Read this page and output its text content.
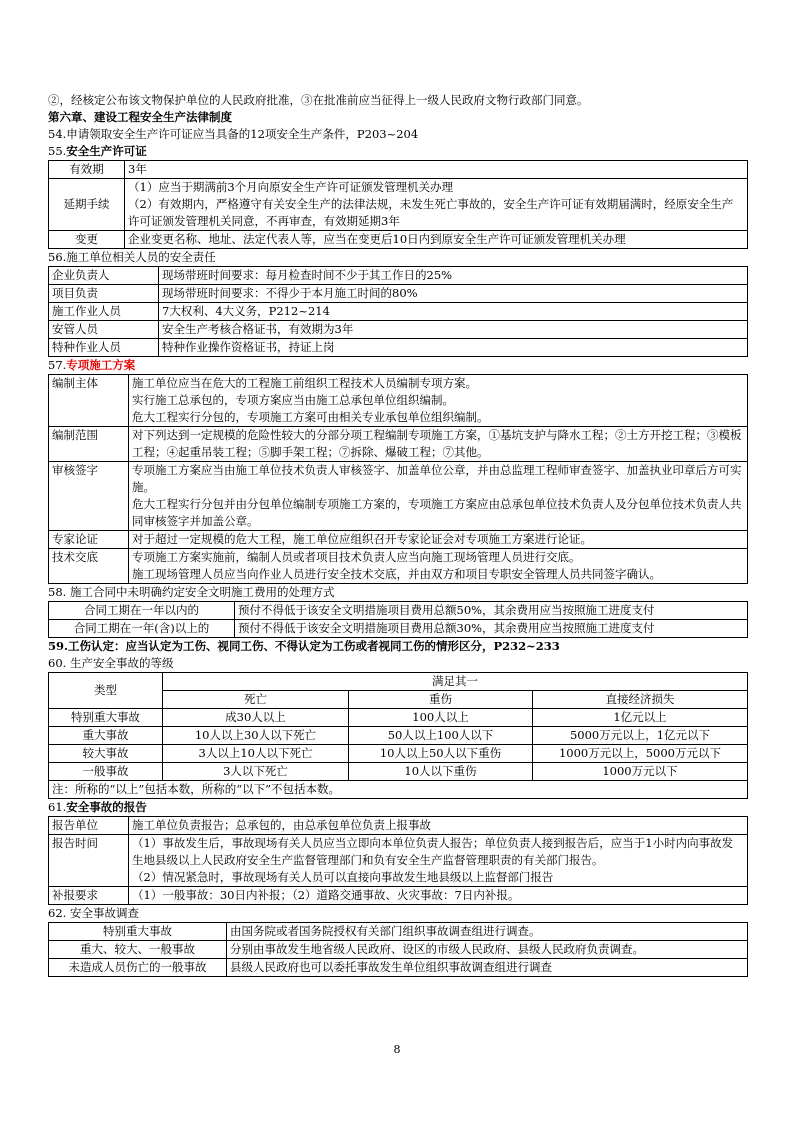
②，经核定公布该文物保护单位的人民政府批准，③在批准前应当征得上一级人民政府文物行政部门同意。
第六章、建设工程安全生产法律制度
54.申请领取安全生产许可证应当具备的12项安全生产条件，P203~204
55.安全生产许可证
有效期	3年
延期手续	（1）应当于期满前3个月向原安全生产许可证颁发管理机关办理
（2）有效期内，严格遵守有关安全生产的法律法规，未发生死亡事故的，安全生产许可证有效期届满时，经原安全生产许可证颁发管理机关同意，不再审查，有效期延期3年

变更	企业变更名称、地址、法定代表人等，应当在变更后10日内到原安全生产许可证颁发管理机关办理
56.施工单位相关人员的安全责任
企业负责人	现场带班时间要求：每月检查时间不少于其工作日的25%
项目负责	现场带班时间要求：不得少于本月施工时间的80%
施工作业人员	7大权利、4大义务，P212~214
安管人员	安全生产考核合格证书，有效期为3年
特种作业人员	特种作业操作资格证书，持证上岗
57.专项施工方案
编制主体	施工单位应当在危大的工程施工前组织工程技术人员编制专项方案。
实行施工总承包的，专项方案应当由施工总承包单位组织编制。
危大工程实行分包的，专项施工方案可由相关专业承包单位组织编制。

编制范围	对下列达到一定规模的危险性较大的分部分项工程编制专项施工方案，①基坑支护与降水工程；②土方开挖工程；③模板工程；④起重吊装工程；⑤脚手架工程；⑦拆除、爆破工程；⑦其他。

审核签字	专项施工方案应当由施工单位技术负责人审核签字、加盖单位公章，并由总监理工程师审查签字、加盖执业印章后方可实施。
危大工程实行分包并由分包单位编制专项施工方案的，专项施工方案应由总承包单位技术负责人及分包单位技术负责人共同审核签字并加盖公章。

专家论证	对于超过一定规模的危大工程，施工单位应组织召开专家论证会对专项施工方案进行论证。

技术交底	专项施工方案实施前，编制人员或者项目技术负责人应当向施工现场管理人员进行交底。
施工现场管理人员应当向作业人员进行安全技术交底，并由双方和项目专职安全管理人员共同签字确认。
58. 施工合同中未明确约定安全文明施工费用的处理方式
合同工期在一年以内的	预付不得低于该安全文明措施项目费用总额50%，其余费用应当按照施工进度支付
合同工期在一年(含)以上的	预付不得低于该安全文明措施项目费用总额30%，其余费用应当按照施工进度支付
59.工伤认定：应当认定为工伤、视同工伤、不得认定为工伤或者视同工伤的情形区分，P232~233
60. 生产安全事故的等级
类型	满足其一		
	死亡	重伤	直接经济损失
特别重大事故	成30人以上	100人以上	1亿元以上
重大事故	10人以上30人以下死亡	50人以上100人以下	5000万元以上，1亿元以下
较大事故	3人以上10人以下死亡	10人以上50人以下重伤	1000万元以上，5000万元以下
一般事故	3人以下死亡	10人以下重伤	1000万元以下
注：所称的“以上”包括本数，所称的“以下”不包括本数。			
61.安全事故的报告
报告单位	施工单位负责报告；总承包的，由总承包单位负责上报事故

报告时间	（1）事故发生后，事故现场有关人员应当立即向本单位负责人报告；单位负责人接到报告后，应当于1小时内向事故发生地县级以上人民政府安全生产监督管理部门和负有安全生产监督管理职责的有关部门报告。
（2）情况紧急时，事故现场有关人员可以直接向事故发生地县级以上监督部门报告

补报要求	（1）一般事故：30日内补报；（2）道路交通事故、火灾事故：7日内补报。
62. 安全事故调查
特别重大事故	由国务院或者国务院授权有关部门组织事故调查组进行调查。
重大、较大、一般事故	分别由事故发生地省级人民政府、设区的市级人民政府、县级人民政府负责调查。
未造成人员伤亡的一般事故	县级人民政府也可以委托事故发生单位组织事故调查组进行调查
8
